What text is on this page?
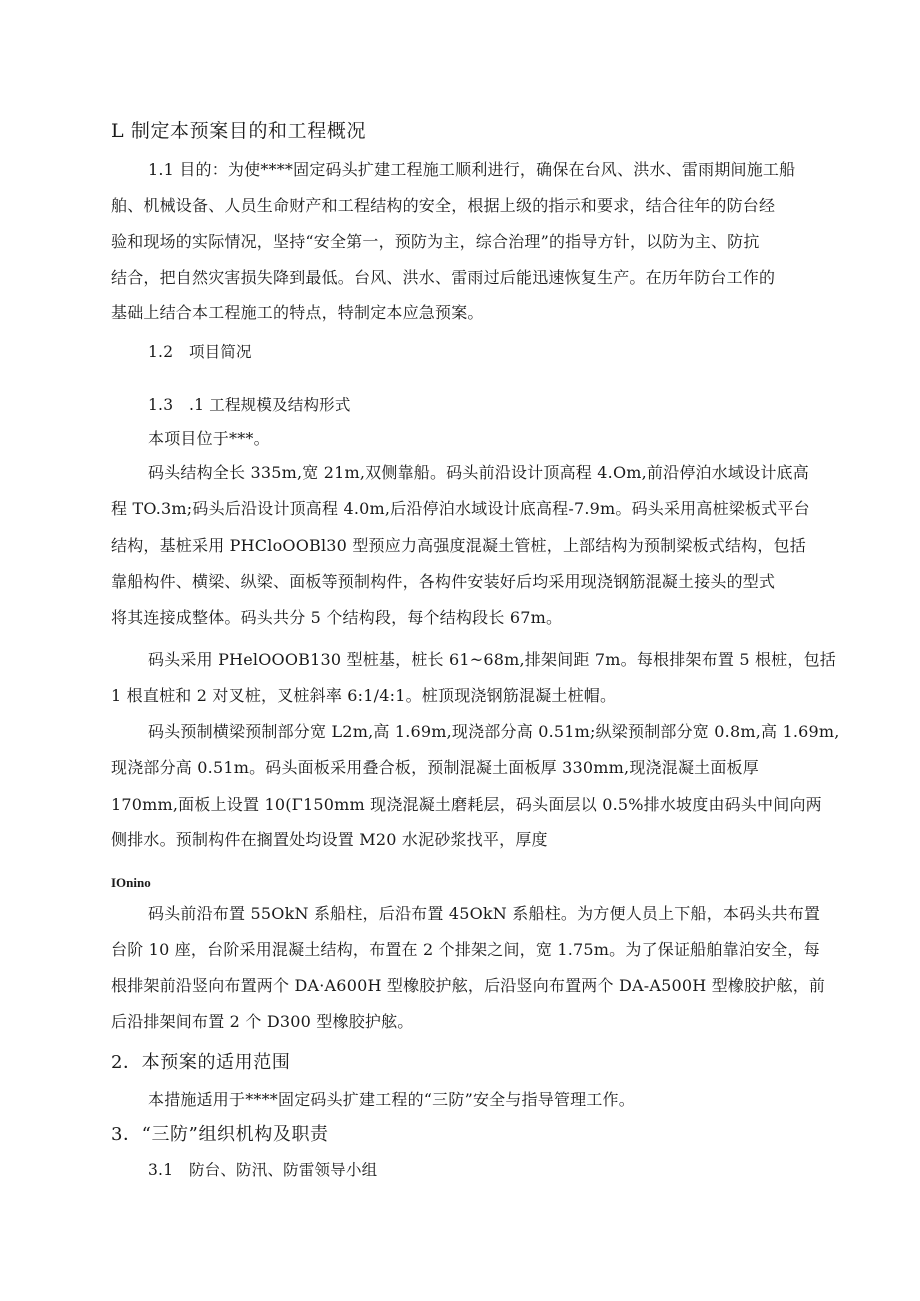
L 制定本预案目的和工程概况
1.1 目的：为使****固定码头扩建工程施工顺利进行，确保在台风、洪水、雷雨期间施工船
舶、机械设备、人员生命财产和工程结构的安全，根据上级的指示和要求，结合往年的防台经
验和现场的实际情况，坚持“安全第一，预防为主，综合治理”的指导方针，以防为主、防抗
结合，把自然灾害损失降到最低。台风、洪水、雷雨过后能迅速恢复生产。在历年防台工作的
基础上结合本工程施工的特点，特制定本应急预案。
1.2　项目简况
1.3　.1 工程规模及结构形式
本项目位于***。
码头结构全长 335m,宽 21m,双侧靠船。码头前沿设计顶高程 4.Om,前沿停泊水域设计底高
程 TO.3m;码头后沿设计顶高程 4.0m,后沿停泊水域设计底高程-7.9m。码头采用高桩梁板式平台
结构，基桩采用 PHCloOOBl30 型预应力高强度混凝土管桩，上部结构为预制梁板式结构，包括
靠船构件、横梁、纵梁、面板等预制构件，各构件安装好后均采用现浇钢筋混凝土接头的型式
将其连接成整体。码头共分 5 个结构段，每个结构段长 67m。
码头采用 PHelOOOB130 型桩基，桩长 61~68m,排架间距 7m。每根排架布置 5 根桩，包括
1 根直桩和 2 对叉桩，叉桩斜率 6:1/4:1。桩顶现浇钢筋混凝土桩帽。
码头预制横梁预制部分宽 L2m,高 1.69m,现浇部分高 0.51m;纵梁预制部分宽 0.8m,高 1.69m,
现浇部分高 0.51m。码头面板采用叠合板，预制混凝土面板厚 330mm,现浇混凝土面板厚
170mm,面板上设置 10(Γ150mm 现浇混凝土磨耗层，码头面层以 0.5%排水坡度由码头中间向两
侧排水。预制构件在搁置处均设置 M20 水泥砂浆找平，厚度
IOnino
码头前沿布置 55OkN 系船柱，后沿布置 45OkN 系船柱。为方便人员上下船，本码头共布置
台阶 10 座，台阶采用混凝土结构，布置在 2 个排架之间，宽 1.75m。为了保证船舶靠泊安全，每
根排架前沿竖向布置两个 DA·A600H 型橡胶护舷，后沿竖向布置两个 DA-A500H 型橡胶护舷，前
后沿排架间布置 2 个 D300 型橡胶护舷。
2．本预案的适用范围
本措施适用于****固定码头扩建工程的“三防”安全与指导管理工作。
3．“三防”组织机构及职责
3.1　防台、防汛、防雷领导小组
